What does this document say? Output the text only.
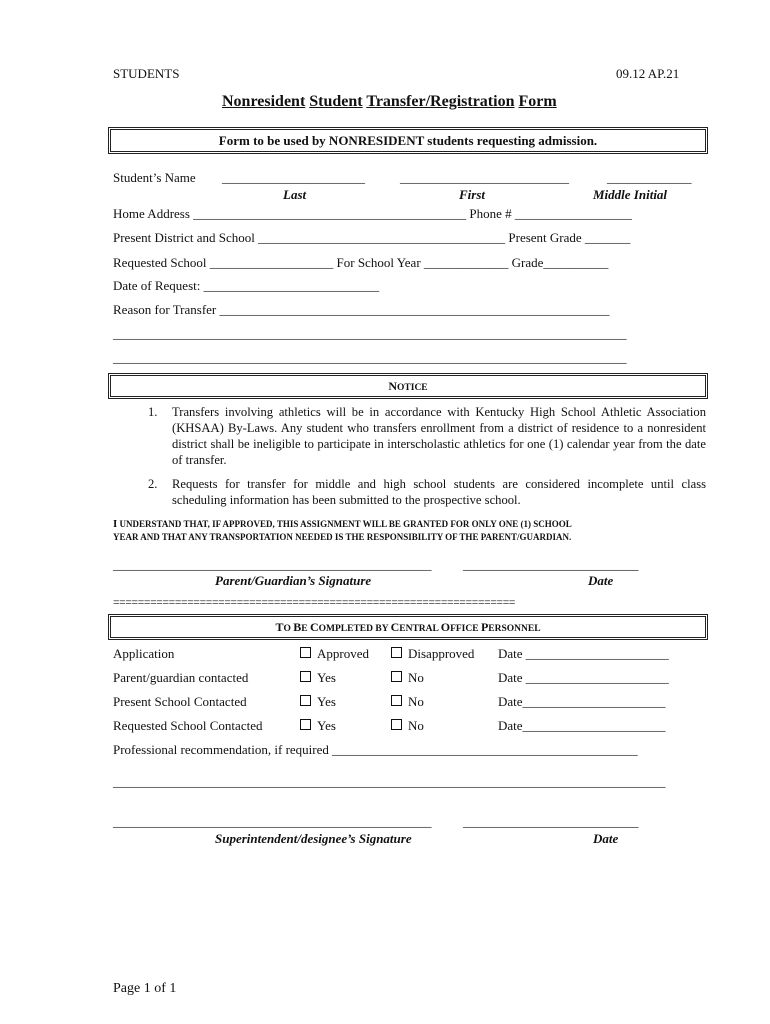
STUDENTS	09.12 AP.21
Nonresident Student Transfer/Registration Form
Form to be used by NONRESIDENT students requesting admission.
Student’s Name ______________________	__________________________	_____________
Last	First	Middle Initial
Home Address __________________________________________ Phone # __________________
Present District and School ______________________________________ Present Grade _______
Requested School ___________________ For School Year _____________ Grade__________
Date of Request: ___________________________
Reason for Transfer ____________________________________________________________
_______________________________________________________________________________
_______________________________________________________________________________
NOTICE
1. Transfers involving athletics will be in accordance with Kentucky High School Athletic Association (KHSAA) By-Laws. Any student who transfers enrollment from a district of residence to a nonresident district shall be ineligible to participate in interscholastic athletics for one (1) calendar year from the date of transfer.
2. Requests for transfer for middle and high school students are considered incomplete until class scheduling information has been submitted to the prospective school.
I UNDERSTAND THAT, IF APPROVED, THIS ASSIGNMENT WILL BE GRANTED FOR ONLY ONE (1) SCHOOL
YEAR AND THAT ANY TRANSPORTATION NEEDED IS THE RESPONSIBILITY OF THE PARENT/GUARDIAN.
_________________________________________________ ___________________________
Parent/Guardian’s Signature	Date
=================================================================
TO BE COMPLETED BY CENTRAL OFFICE PERSONNEL
Application	Approved	Disapproved Date ______________________
Parent/guardian contacted	Yes	No	Date ______________________
Present School Contacted	Yes	No	Date______________________
Requested School Contacted	Yes	No	Date______________________
Professional recommendation, if required _______________________________________________
_____________________________________________________________________________________
_________________________________________________ ___________________________
Superintendent/designee’s Signature	Date
Page 1 of 1
